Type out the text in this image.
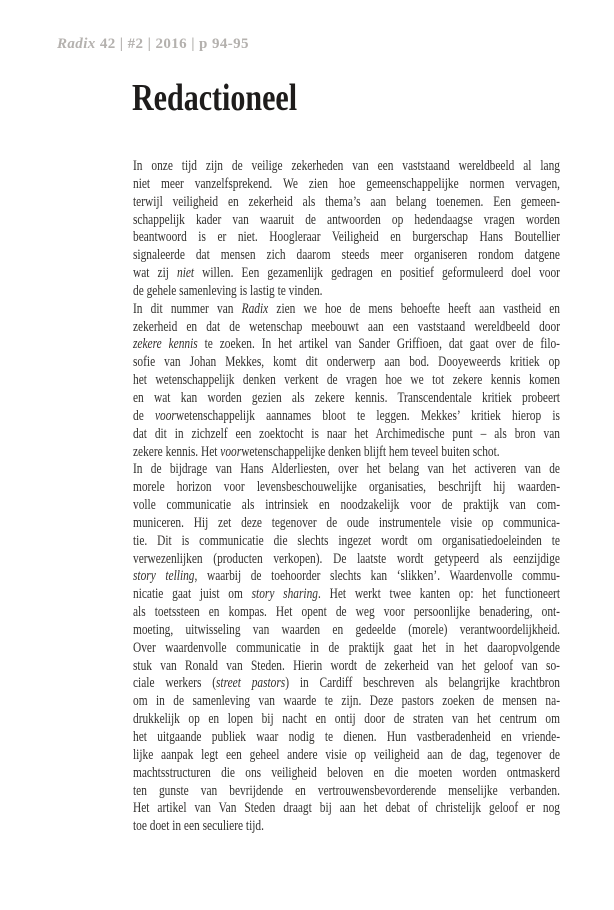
Radix 42 | #2 | 2016 | p 94-95
Redactioneel
In onze tijd zijn de veilige zekerheden van een vaststaand wereldbeeld al lang
niet meer vanzelfsprekend. We zien hoe gemeenschappelijke normen vervagen,
terwijl veiligheid en zekerheid als thema’s aan belang toenemen. Een gemeen-
schappelijk kader van waaruit de antwoorden op hedendaagse vragen worden
beantwoord is er niet. Hoogleraar Veiligheid en burgerschap Hans Boutellier
signaleerde dat mensen zich daarom steeds meer organiseren rondom datgene
wat zij niet willen. Een gezamenlijk gedragen en positief geformuleerd doel voor
de gehele samenleving is lastig te vinden.
In dit nummer van Radix zien we hoe de mens behoefte heeft aan vastheid en
zekerheid en dat de wetenschap meebouwt aan een vaststaand wereldbeeld door
zekere kennis te zoeken. In het artikel van Sander Griffioen, dat gaat over de filo-
sofie van Johan Mekkes, komt dit onderwerp aan bod. Dooyeweerds kritiek op
het wetenschappelijk denken verkent de vragen hoe we tot zekere kennis komen
en wat kan worden gezien als zekere kennis. Transcendentale kritiek probeert
de voorwetenschappelijk aannames bloot te leggen. Mekkes’ kritiek hierop is
dat dit in zichzelf een zoektocht is naar het Archimedische punt – als bron van
zekere kennis. Het voorwetenschappelijke denken blijft hem teveel buiten schot.
In de bijdrage van Hans Alderliesten, over het belang van het activeren van de
morele horizon voor levensbeschouwelijke organisaties, beschrijft hij waarden-
volle communicatie als intrinsiek en noodzakelijk voor de praktijk van com-
municeren. Hij zet deze tegenover de oude instrumentele visie op communica-
tie. Dit is communicatie die slechts ingezet wordt om organisatiedoeleinden te
verwezenlijken (producten verkopen). De laatste wordt getypeerd als eenzijdige
story telling, waarbij de toehoorder slechts kan ‘slikken’. Waardenvolle commu-
nicatie gaat juist om story sharing. Het werkt twee kanten op: het functioneert
als toetssteen en kompas. Het opent de weg voor persoonlijke benadering, ont-
moeting, uitwisseling van waarden en gedeelde (morele) verantwoordelijkheid.
Over waardenvolle communicatie in de praktijk gaat het in het daaropvolgende
stuk van Ronald van Steden. Hierin wordt de zekerheid van het geloof van so-
ciale werkers (street pastors) in Cardiff beschreven als belangrijke krachtbron
om in de samenleving van waarde te zijn. Deze pastors zoeken de mensen na-
drukkelijk op en lopen bij nacht en ontij door de straten van het centrum om
het uitgaande publiek waar nodig te dienen. Hun vastberadenheid en vriende-
lijke aanpak legt een geheel andere visie op veiligheid aan de dag, tegenover de
machtsstructuren die ons veiligheid beloven en die moeten worden ontmaskerd
ten gunste van bevrijdende en vertrouwensbevorderende menselijke verbanden.
Het artikel van Van Steden draagt bij aan het debat of christelijk geloof er nog
toe doet in een seculiere tijd.
